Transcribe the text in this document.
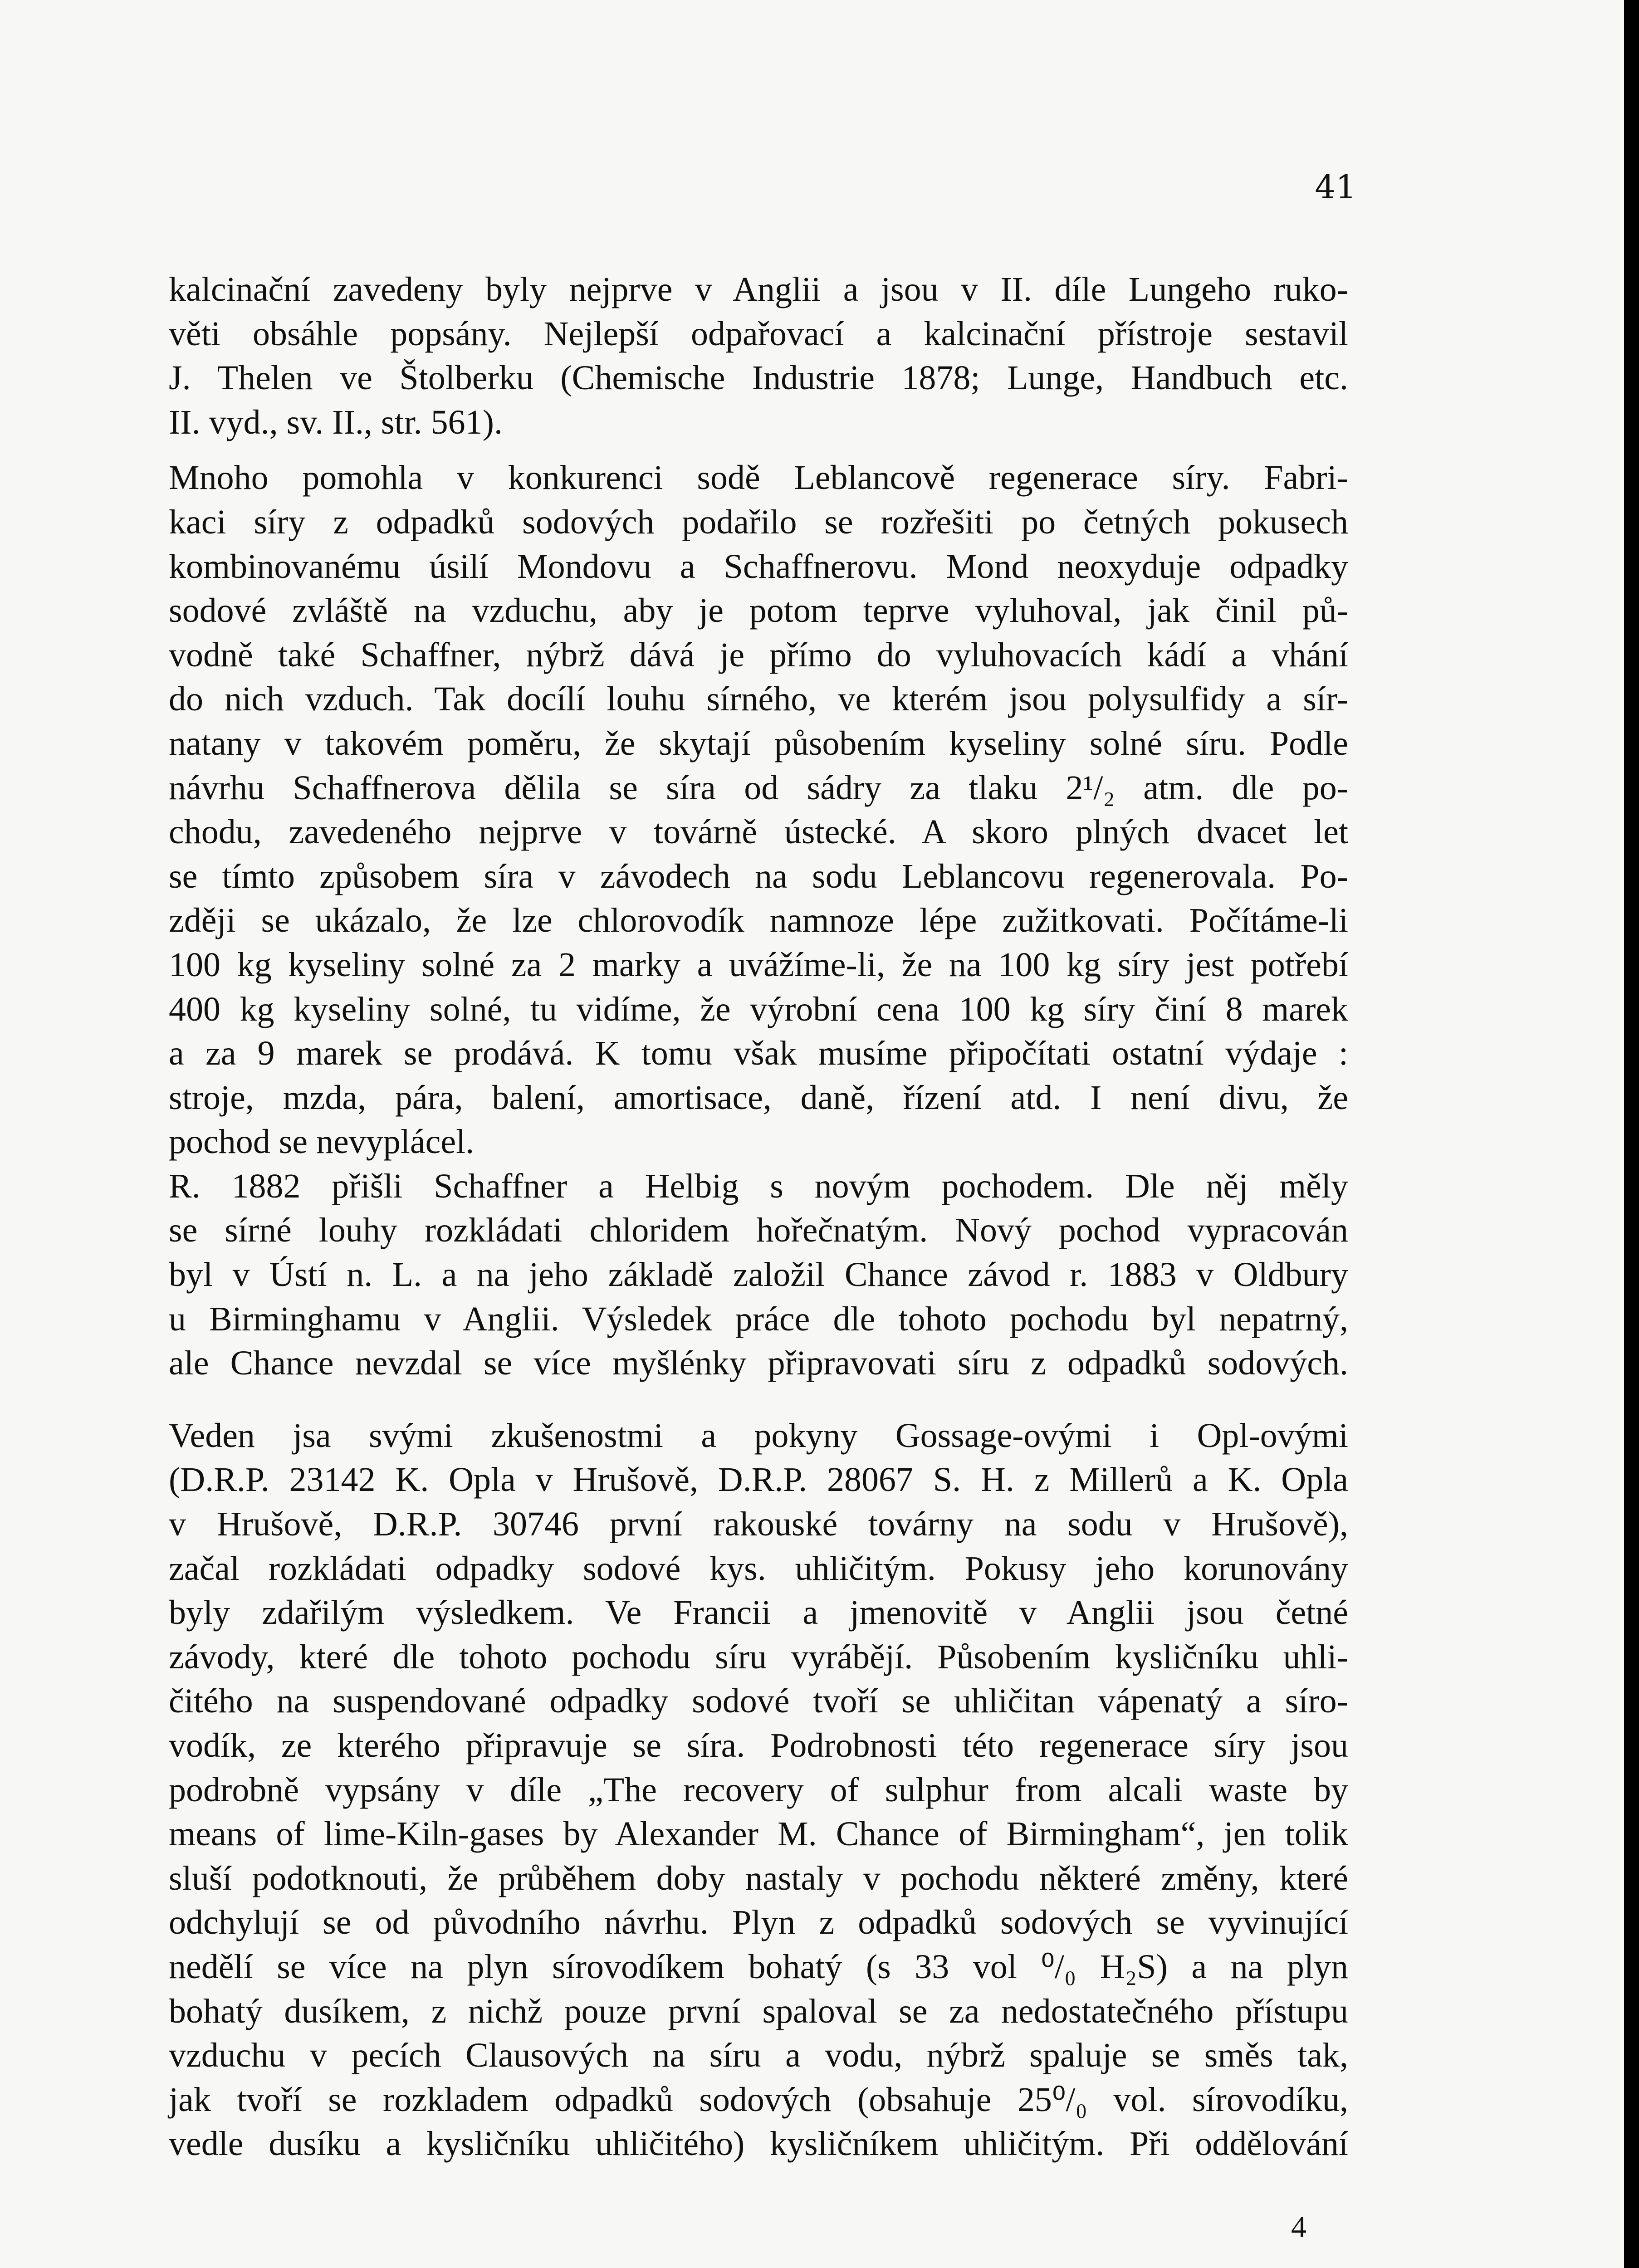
41

kalcinační zavedeny byly nejprve v Anglii a jsou v II. díle Lungeho ruko-
věti obsáhle popsány. Nejlepší odpařovací a kalcinační přístroje sestavil
J. Thelen ve Štolberku (Chemische Industrie 1878; Lunge, Handbuch etc.
II. vyd., sv. II., str. 561).
Mnoho pomohla v konkurenci sodě Leblancově regenerace síry. Fabri-
kaci síry z odpadků sodových podařilo se rozřešiti po četných pokusech
kombinovanému úsilí Mondovu a Schaffnerovu. Mond neoxyduje odpadky
sodové zvláště na vzduchu, aby je potom teprve vyluhoval, jak činil pů-
vodně také Schaffner, nýbrž dává je přímo do vyluhovacích kádí a vhání
do nich vzduch. Tak docílí louhu sírného, ve kterém jsou polysulfidy a sír-
natany v takovém poměru, že skytají působením kyseliny solné síru. Podle
návrhu Schaffnerova dělila se síra od sádry za tlaku 2¹/₂ atm. dle po-
chodu, zavedeného nejprve v továrně ústecké. A skoro plných dvacet let
se tímto způsobem síra v závodech na sodu Leblancovu regenerovala. Po-
zději se ukázalo, že lze chlorovodík namnoze lépe zužitkovati. Počítáme-li
100 kg kyseliny solné za 2 marky a uvážíme-li, že na 100 kg síry jest potřebí
400 kg kyseliny solné, tu vidíme, že výrobní cena 100 kg síry činí 8 marek
a za 9 marek se prodává. K tomu však musíme připočítati ostatní výdaje :
stroje, mzda, pára, balení, amortisace, daně, řízení atd. I není divu, že
pochod se nevyplácel.
R. 1882 přišli Schaffner a Helbig s novým pochodem. Dle něj měly
se sírné louhy rozkládati chloridem hořečnatým. Nový pochod vypracován
byl v Ústí n. L. a na jeho základě založil Chance závod r. 1883 v Oldbury
u Birminghamu v Anglii. Výsledek práce dle tohoto pochodu byl nepatrný,
ale Chance nevzdal se více myšlénky připravovati síru z odpadků sodových.
Veden jsa svými zkušenostmi a pokyny Gossage-ovými i Opl-ovými
(D.R.P. 23142 K. Opla v Hrušově, D.R.P. 28067 S. H. z Millerů a K. Opla
v Hrušově, D.R.P. 30746 první rakouské továrny na sodu v Hrušově),
začal rozkládati odpadky sodové kys. uhličitým. Pokusy jeho korunovány
byly zdařilým výsledkem. Ve Francii a jmenovitě v Anglii jsou četné
závody, které dle tohoto pochodu síru vyrábějí. Působením kysličníku uhli-
čitého na suspendované odpadky sodové tvoří se uhličitan vápenatý a síro-
vodík, ze kterého připravuje se síra. Podrobnosti této regenerace síry jsou
podrobně vypsány v díle „The recovery of sulphur from alcali waste by
means of lime-Kiln-gases by Alexander M. Chance of Birmingham“, jen tolik
sluší podotknouti, že průběhem doby nastaly v pochodu některé změny, které
odchylují se od původního návrhu. Plyn z odpadků sodových se vyvinující
nedělí se více na plyn sírovodíkem bohatý (s 33 vol ⁰/₀ H₂S) a na plyn
bohatý dusíkem, z nichž pouze první spaloval se za nedostatečného přístupu
vzduchu v pecích Clausových na síru a vodu, nýbrž spaluje se směs tak,
jak tvoří se rozkladem odpadků sodových (obsahuje 25⁰/₀ vol. sírovodíku,
vedle dusíku a kysličníku uhličitého) kysličníkem uhličitým. Při oddělování

4
